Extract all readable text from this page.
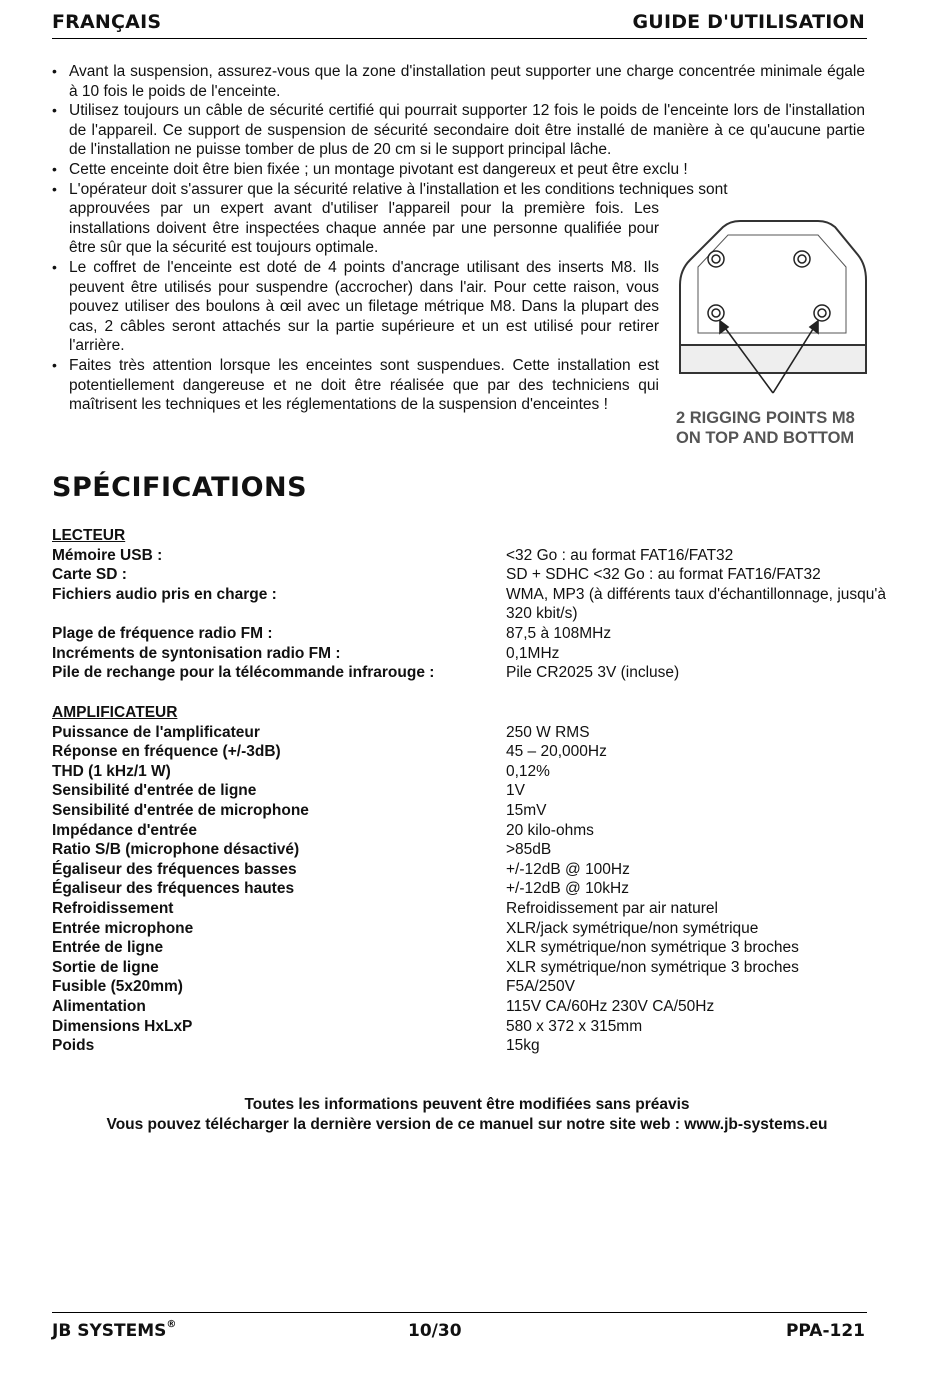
FRANÇAIS	GUIDE D'UTILISATION
• Avant la suspension, assurez-vous que la zone d'installation peut supporter une charge concentrée minimale égale à 10 fois le poids de l'enceinte.
• Utilisez toujours un câble de sécurité certifié qui pourrait supporter 12 fois le poids de l'enceinte lors de l'installation de l'appareil. Ce support de suspension de sécurité secondaire doit être installé de manière à ce qu'aucune partie de l'installation ne puisse tomber de plus de 20 cm si le support principal lâche.
• Cette enceinte doit être bien fixée ; un montage pivotant est dangereux et peut être exclu !
• L'opérateur doit s'assurer que la sécurité relative à l'installation et les conditions techniques sont
approuvées par un expert avant d'utiliser l'appareil pour la première fois. Les installations doivent être inspectées chaque année par une personne qualifiée pour être sûr que la sécurité est toujours optimale.
• Le coffret de l'enceinte est doté de 4 points d'ancrage utilisant des inserts M8. Ils peuvent être utilisés pour suspendre (accrocher) dans l'air. Pour cette raison, vous pouvez utiliser des boulons à œil avec un filetage métrique M8. Dans la plupart des cas, 2 câbles seront attachés sur la partie supérieure et un est utilisé pour retirer l'arrière.
• Faites très attention lorsque les enceintes sont suspendues. Cette installation est potentiellement dangereuse et ne doit être réalisée que par des techniciens qui maîtrisent les techniques et les réglementations de la suspension d'enceintes !
2 RIGGING POINTS M8
ON TOP AND BOTTOM
SPÉCIFICATIONS
LECTEUR
Mémoire USB :	<32 Go : au format FAT16/FAT32
Carte SD :	SD + SDHC <32 Go : au format FAT16/FAT32
Fichiers audio pris en charge :	WMA, MP3 (à différents taux d'échantillonnage, jusqu'à 320 kbit/s)
Plage de fréquence radio FM :	87,5 à 108MHz
Incréments de syntonisation radio FM :	0,1MHz
Pile de rechange pour la télécommande infrarouge :	Pile CR2025 3V (incluse)
AMPLIFICATEUR
Puissance de l'amplificateur	250 W RMS
Réponse en fréquence (+/-3dB)	45 – 20,000Hz
THD (1 kHz/1 W)	0,12%
Sensibilité d'entrée de ligne	1V
Sensibilité d'entrée de microphone	15mV
Impédance d'entrée	20 kilo-ohms
Ratio S/B (microphone désactivé)	>85dB
Égaliseur des fréquences basses	+/-12dB @ 100Hz
Égaliseur des fréquences hautes	+/-12dB @ 10kHz
Refroidissement	Refroidissement par air naturel
Entrée microphone	XLR/jack symétrique/non symétrique
Entrée de ligne	XLR symétrique/non symétrique 3 broches
Sortie de ligne	XLR symétrique/non symétrique 3 broches
Fusible (5x20mm)	F5A/250V
Alimentation	115V CA/60Hz 230V CA/50Hz
Dimensions HxLxP	580 x 372 x 315mm
Poids	15kg
Toutes les informations peuvent être modifiées sans préavis
Vous pouvez télécharger la dernière version de ce manuel sur notre site web : www.jb-systems.eu
JB SYSTEMS®	10/30	PPA-121
